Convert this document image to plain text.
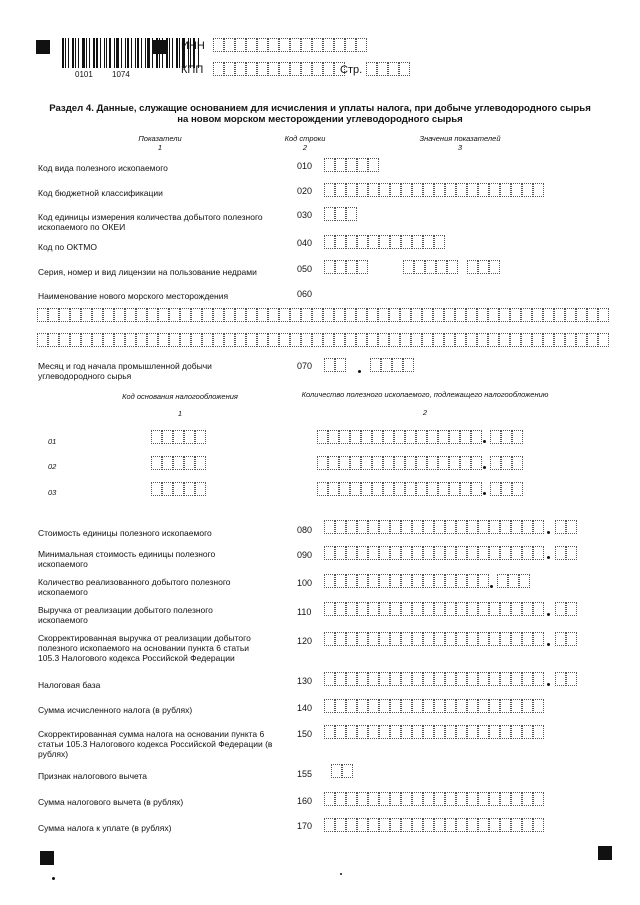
0101 1074
ИНН
КПП	Стр.
Раздел 4. Данные, служащие основанием для исчисления и уплаты налога, при добыче углеводородного сырья
на новом морском месторождении углеводородного сырья
Показатели
1
Код строки
2
Значения показателей
3
Код вида полезного ископаемого	010
Код бюджетной классификации	020
Код единицы измерения количества добытого полезного ископаемого по ОКЕИ
030
Код по ОКТМО	040
Серия, номер и вид лицензии на пользование недрами	050
Наименование нового морского месторождения	060
Месяц и год начала промышленной добычи углеводородного сырья
070
Код основания налогообложения
1
Количество полезного ископаемого, подлежащего налогообложению
2
01
02
03
Стоимость единицы полезного ископаемого	080
Минимальная стоимость единицы полезного ископаемого
090
Количество реализованного добытого полезного ископаемого
100
Выручка от реализации добытого полезного ископаемого
110
Скорректированная выручка от реализации добытого полезного ископаемого на основании пункта 6 статьи 105.3 Налогового кодекса Российской Федерации
120
Налоговая база	130
Сумма исчисленного налога (в рублях)	140
Скорректированная сумма налога на основании пункта 6 статьи 105.3 Налогового кодекса Российской Федерации (в рублях)
150
Признак налогового вычета	155
Сумма налогового вычета (в рублях)	160
Сумма налога к уплате (в рублях)	170
